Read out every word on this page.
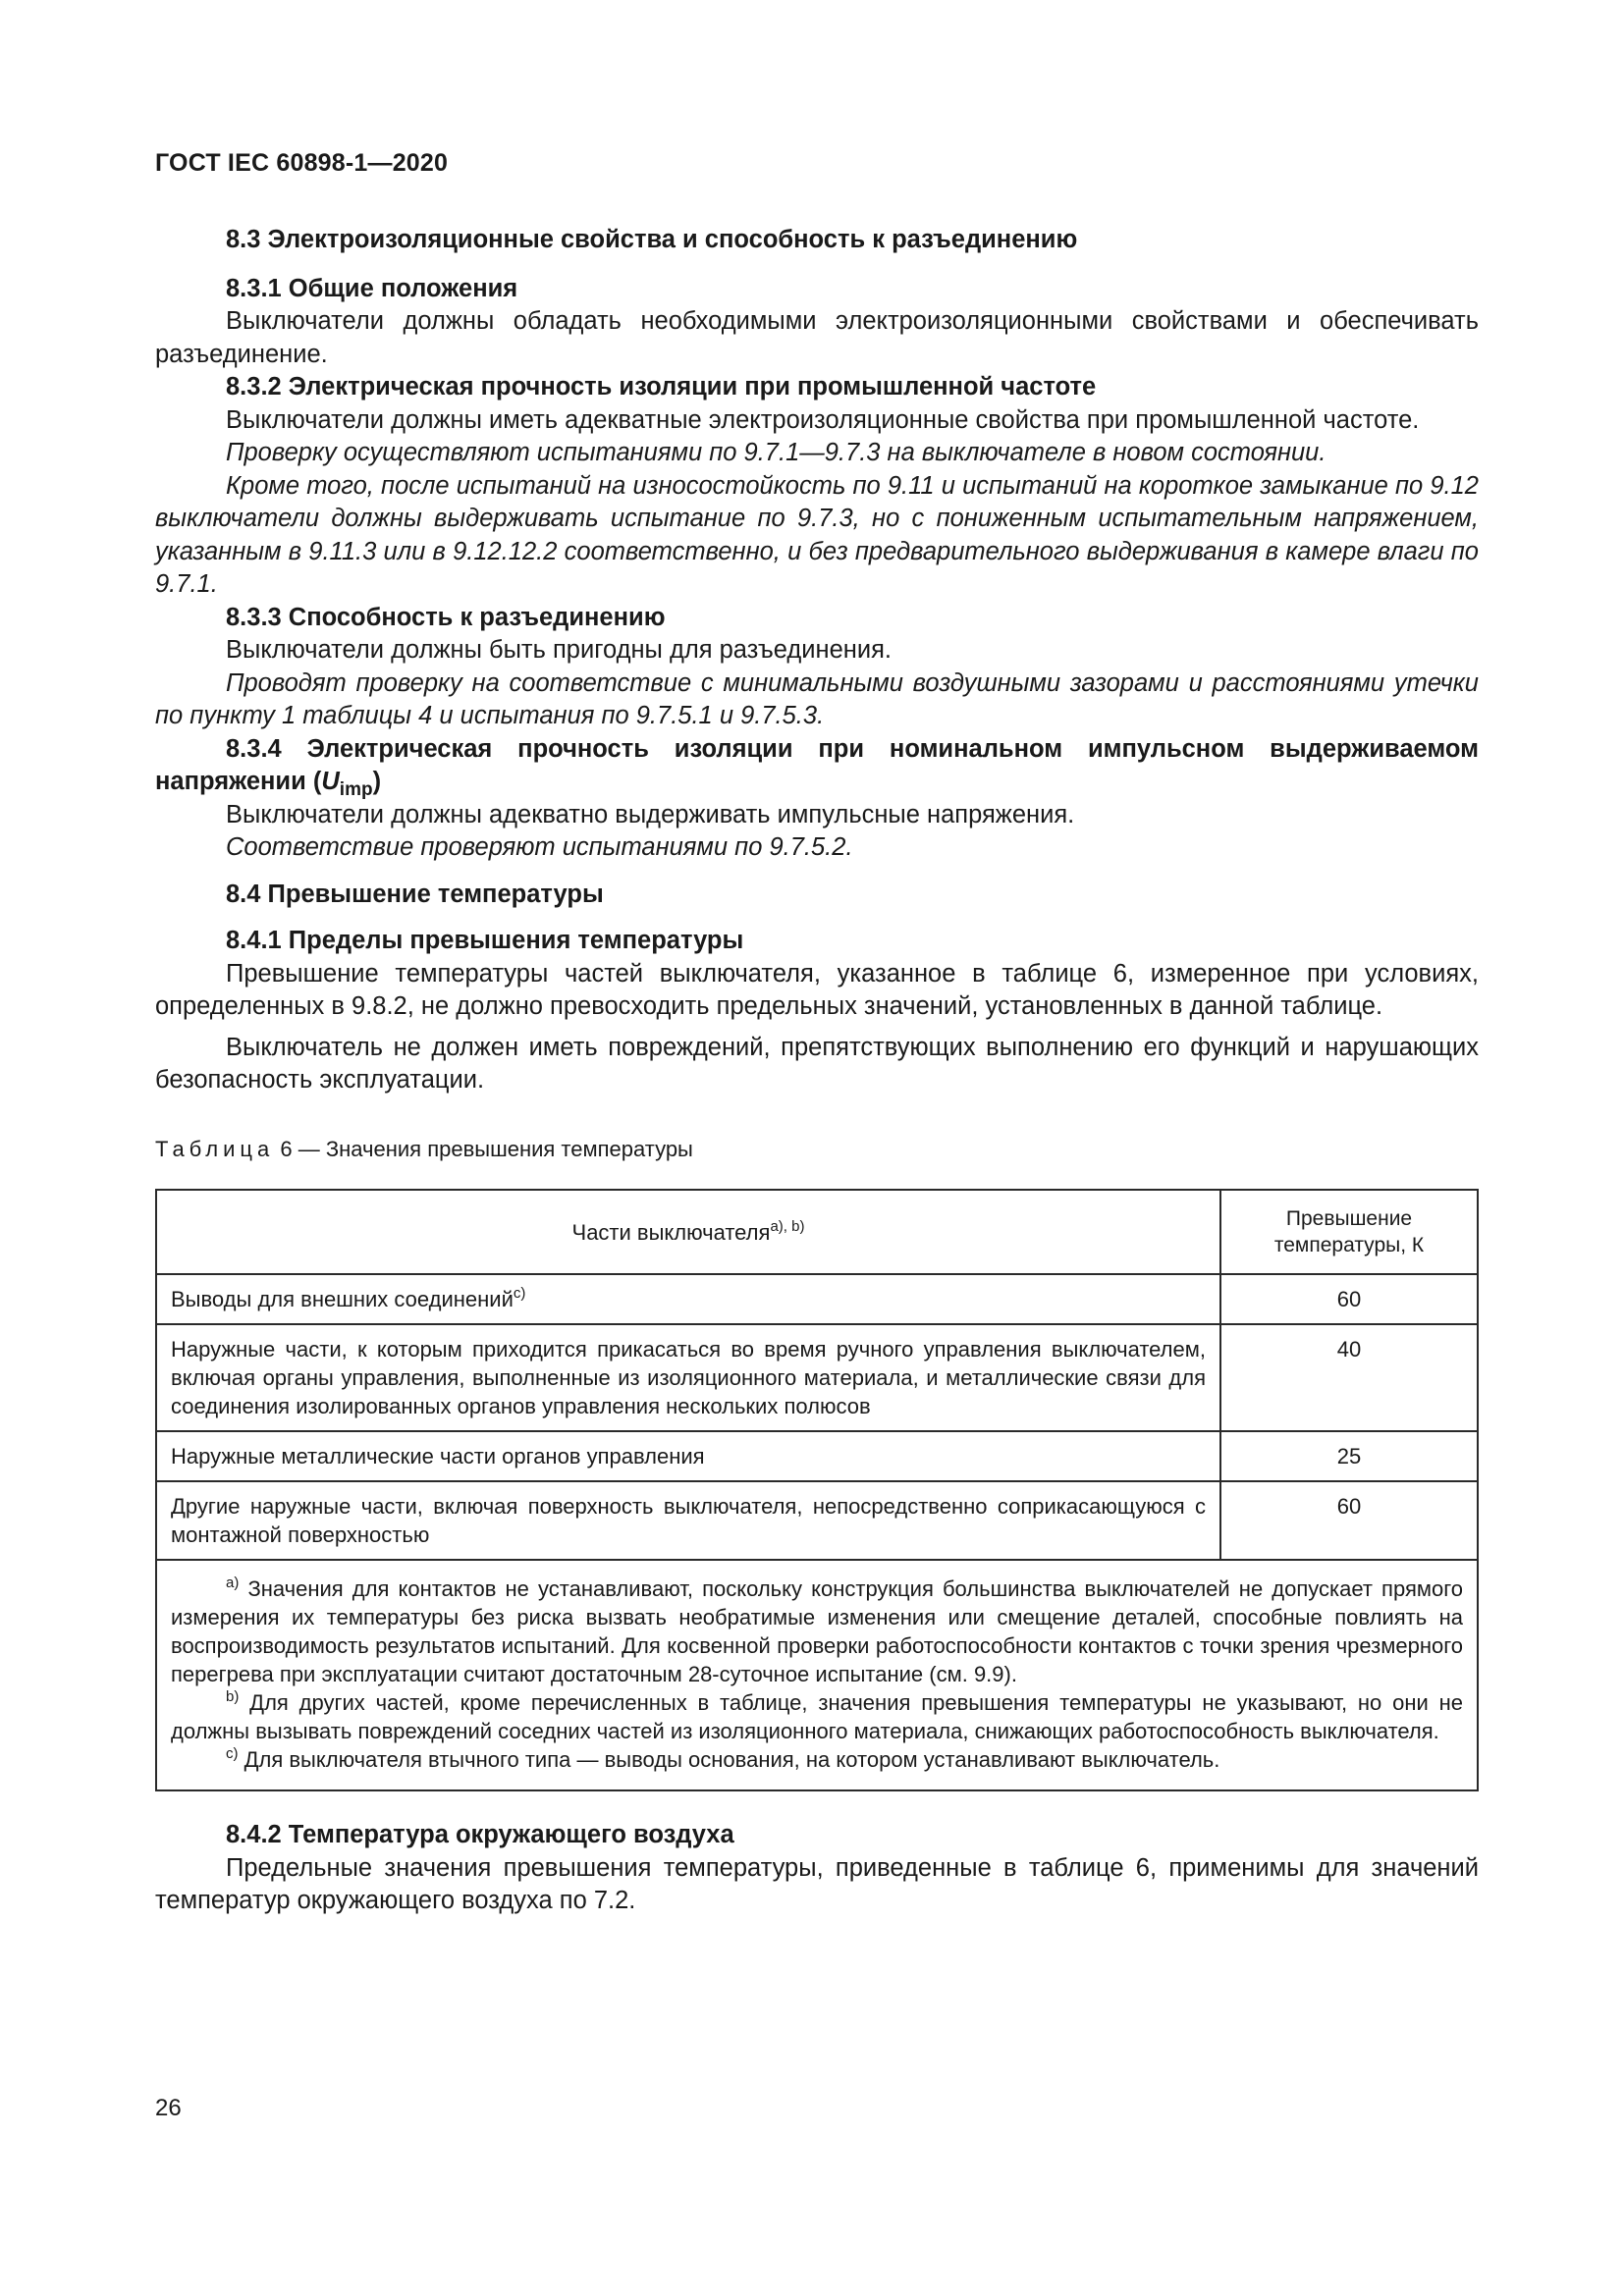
ГОСТ IEC 60898-1—2020
8.3 Электроизоляционные свойства и способность к разъединению
8.3.1 Общие положения

Выключатели должны обладать необходимыми электроизоляционными свойствами и обеспечивать разъединение.

8.3.2 Электрическая прочность изоляции при промышленной частоте

Выключатели должны иметь адекватные электроизоляционные свойства при промышленной частоте.

Проверку осуществляют испытаниями по 9.7.1—9.7.3 на выключателе в новом состоянии.

Кроме того, после испытаний на износостойкость по 9.11 и испытаний на короткое замыкание по 9.12 выключатели должны выдерживать испытание по 9.7.3, но с пониженным испытательным напряжением, указанным в 9.11.3 или в 9.12.12.2 соответственно, и без предварительного выдерживания в камере влаги по 9.7.1.

8.3.3 Способность к разъединению

Выключатели должны быть пригодны для разъединения.

Проводят проверку на соответствие с минимальными воздушными зазорами и расстояниями утечки по пункту 1 таблицы 4 и испытания по 9.7.5.1 и 9.7.5.3.

8.3.4 Электрическая прочность изоляции при номинальном импульсном выдерживаемом напряжении $(U_{imp})$

Выключатели должны адекватно выдерживать импульсные напряжения.

Соответствие проверяют испытаниями по 9.7.5.2.

8.4 Превышение температуры
8.4.1 Пределы превышения температуры

Превышение температуры частей выключателя, указанное в таблице 6, измеренное при условиях, определенных в 9.8.2, не должно превосходить предельных значений, установленных в данной таблице.

Выключатель не должен иметь повреждений, препятствующих выполнению его функций и нарушающих безопасность эксплуатации.

Таблица 6 — Значения превышения температуры
Части выключателя$^{a), b)}$	Превышение температуры, К
Выводы для внешних соединений$^{c)}$	60
Наружные части, к которым приходится прикасаться во время ручного управления выключателем, включая органы управления, выполненные из изоляционного материала, и металлические связи для соединения изолированных органов управления нескольких полюсов	40
Наружные металлические части органов управления	25
Другие наружные части, включая поверхность выключателя, непосредственно соприкасающуюся с монтажной поверхностью	60

$^{a)}$ Значения для контактов не устанавливают, поскольку конструкция большинства выключателей не допускает прямого измерения их температуры без риска вызвать необратимые изменения или смещение деталей, способные повлиять на воспроизводимость результатов испытаний. Для косвенной проверки работоспособности контактов с точки зрения чрезмерного перегрева при эксплуатации считают достаточным 28-суточное испытание (см. 9.9).
$^{b)}$ Для других частей, кроме перечисленных в таблице, значения превышения температуры не указывают, но они не должны вызывать повреждений соседних частей из изоляционного материала, снижающих работоспособность выключателя.
$^{c)}$ Для выключателя втычного типа — выводы основания, на котором устанавливают выключатель.	
8.4.2 Температура окружающего воздуха

Предельные значения превышения температуры, приведенные в таблице 6, применимы для значений температур окружающего воздуха по 7.2.

26
